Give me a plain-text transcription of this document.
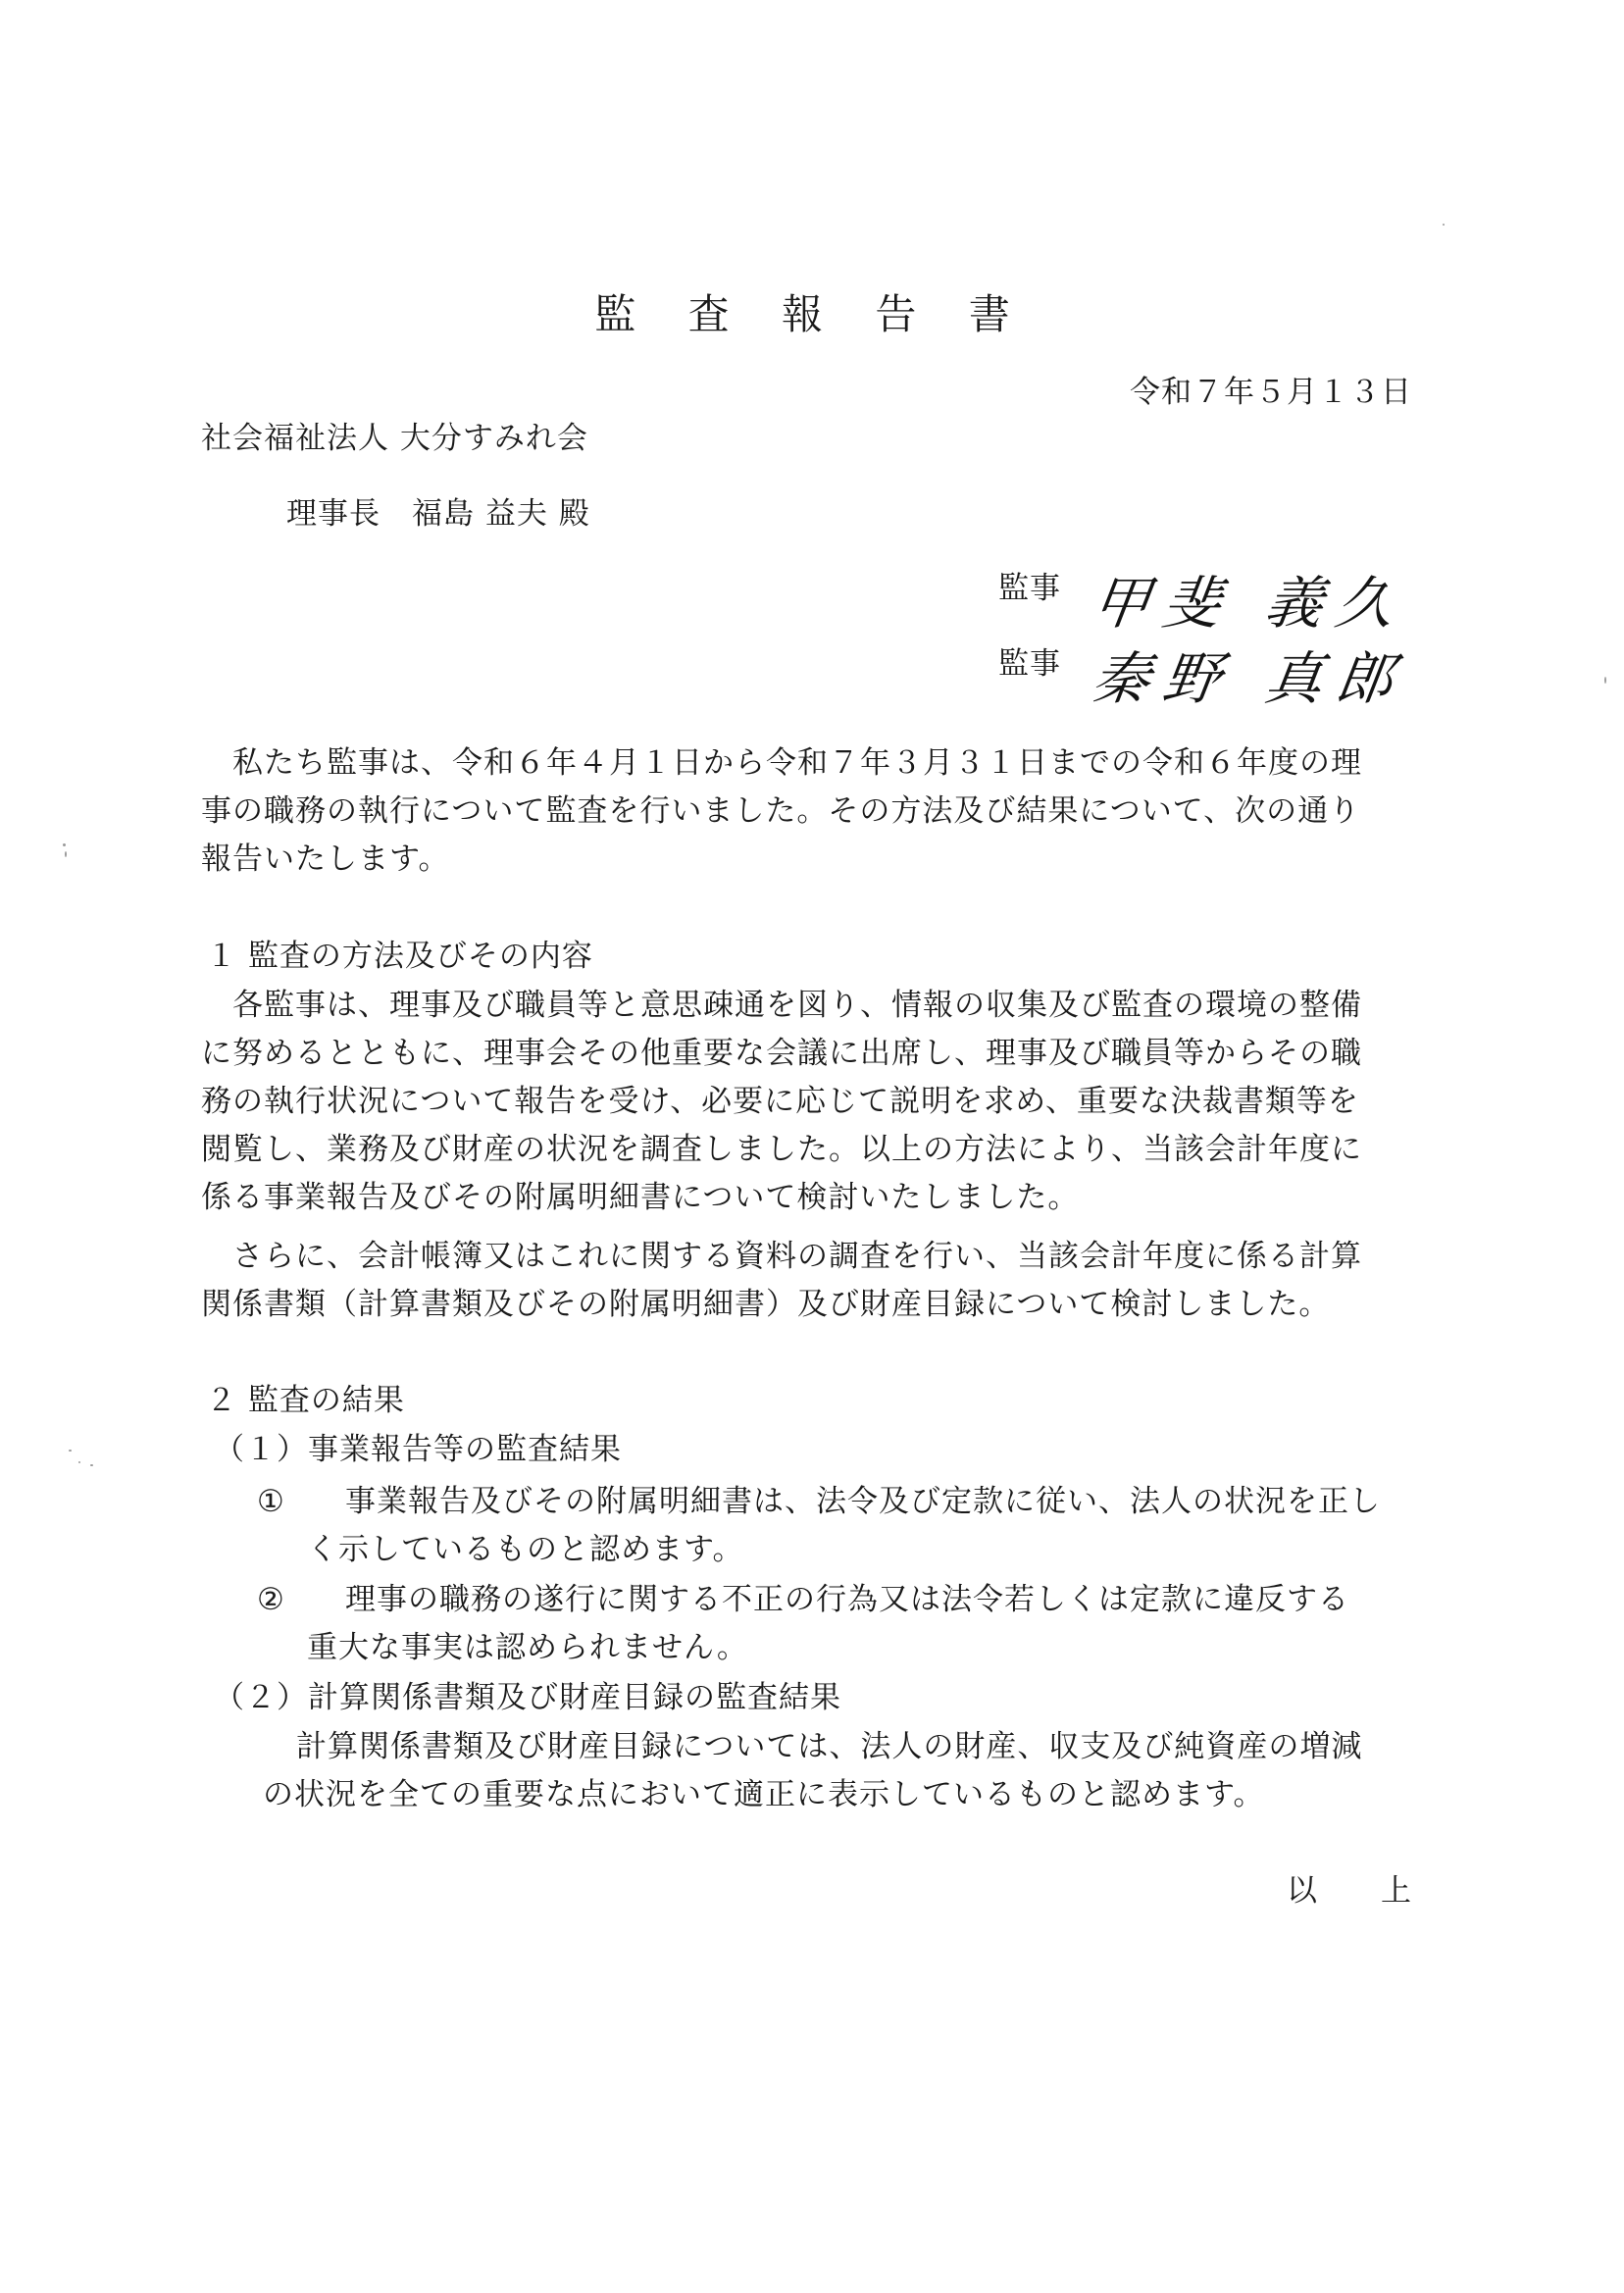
監 査 報 告 書
令和７年５月１３日
社会福祉法人 大分すみれ会
理事長　福島 益夫 殿
監事 甲斐 義久
監事 秦野 真郎
私たち監事は、令和６年４月１日から令和７年３月３１日までの令和６年度の理
事の職務の執行について監査を行いました。その方法及び結果について、次の通り
報告いたします。
１ 監査の方法及びその内容
各監事は、理事及び職員等と意思疎通を図り、情報の収集及び監査の環境の整備
に努めるとともに、理事会その他重要な会議に出席し、理事及び職員等からその職
務の執行状況について報告を受け、必要に応じて説明を求め、重要な決裁書類等を
閲覧し、業務及び財産の状況を調査しました。以上の方法により、当該会計年度に
係る事業報告及びその附属明細書について検討いたしました。
さらに、会計帳簿又はこれに関する資料の調査を行い、当該会計年度に係る計算
関係書類（計算書類及びその附属明細書）及び財産目録について検討しました。
２ 監査の結果
（１）事業報告等の監査結果
① 事業報告及びその附属明細書は、法令及び定款に従い、法人の状況を正し
く示しているものと認めます。
② 理事の職務の遂行に関する不正の行為又は法令若しくは定款に違反する
重大な事実は認められません。
（２）計算関係書類及び財産目録の監査結果
計算関係書類及び財産目録については、法人の財産、収支及び純資産の増減
の状況を全ての重要な点において適正に表示しているものと認めます。
以　　上
